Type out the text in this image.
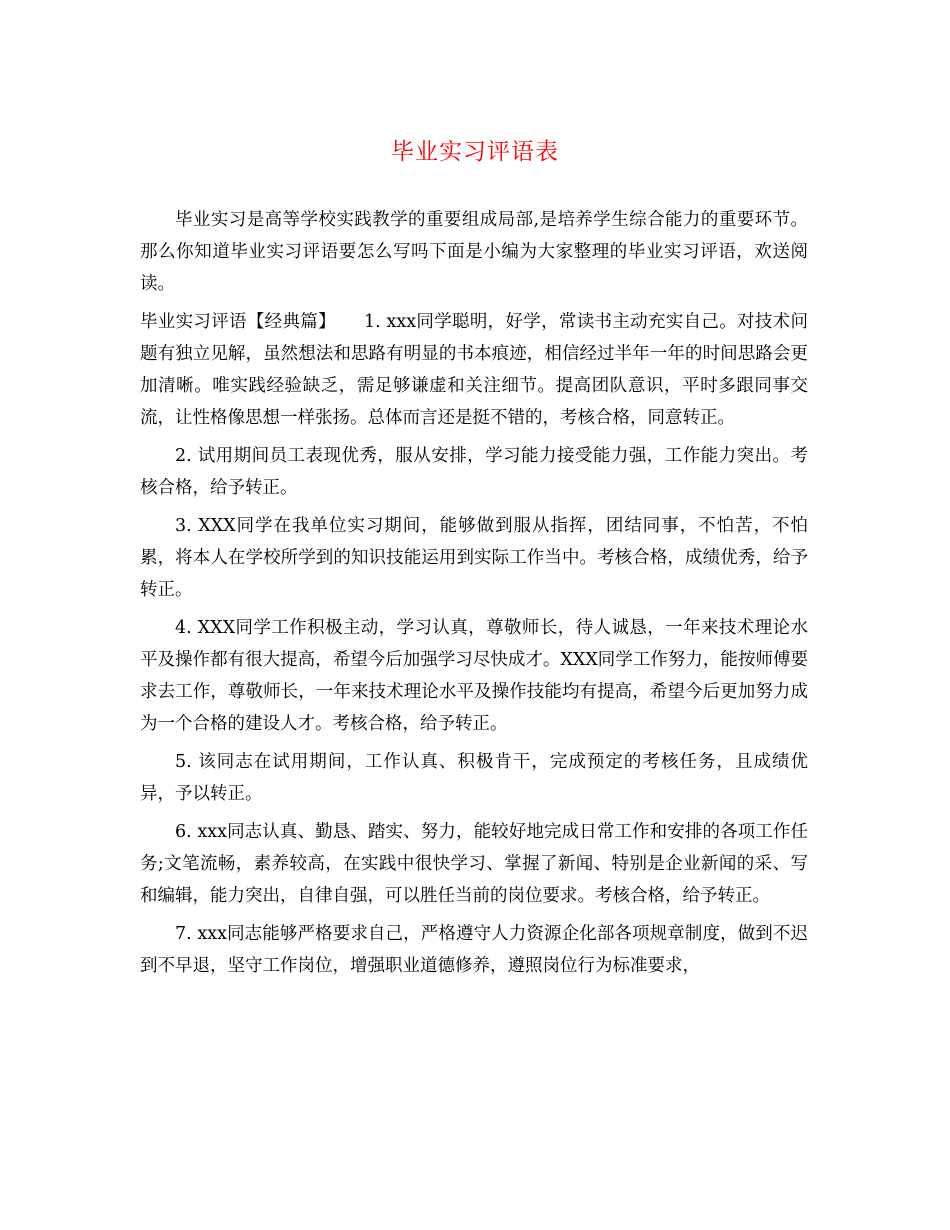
毕业实习评语表

毕业实习是高等学校实践教学的重要组成局部,是培养学生综合能力的重要环节。那么你知道毕业实习评语要怎么写吗下面是小编为大家整理的毕业实习评语，欢送阅读。

毕业实习评语【经典篇】 1. xxx同学聪明，好学，常读书主动充实自己。对技术问题有独立见解，虽然想法和思路有明显的书本痕迹，相信经过半年一年的时间思路会更加清晰。唯实践经验缺乏，需足够谦虚和关注细节。提高团队意识，平时多跟同事交流，让性格像思想一样张扬。总体而言还是挺不错的，考核合格，同意转正。

2. 试用期间员工表现优秀，服从安排，学习能力接受能力强，工作能力突出。考核合格，给予转正。

3. XXX同学在我单位实习期间，能够做到服从指挥，团结同事，不怕苦，不怕累，将本人在学校所学到的知识技能运用到实际工作当中。考核合格，成绩优秀，给予转正。

4. XXX同学工作积极主动，学习认真，尊敬师长，待人诚恳，一年来技术理论水平及操作都有很大提高，希望今后加强学习尽快成才。XXX同学工作努力，能按师傅要求去工作，尊敬师长，一年来技术理论水平及操作技能均有提高，希望今后更加努力成为一个合格的建设人才。考核合格，给予转正。

5. 该同志在试用期间，工作认真、积极肯干，完成预定的考核任务，且成绩优异，予以转正。

6. xxx同志认真、勤恳、踏实、努力，能较好地完成日常工作和安排的各项工作任务;文笔流畅，素养较高，在实践中很快学习、掌握了新闻、特别是企业新闻的采、写和编辑，能力突出，自律自强，可以胜任当前的岗位要求。考核合格，给予转正。

7. xxx同志能够严格要求自己，严格遵守人力资源企化部各项规章制度，做到不迟到不早退，坚守工作岗位，增强职业道德修养，遵照岗位行为标准要求，
